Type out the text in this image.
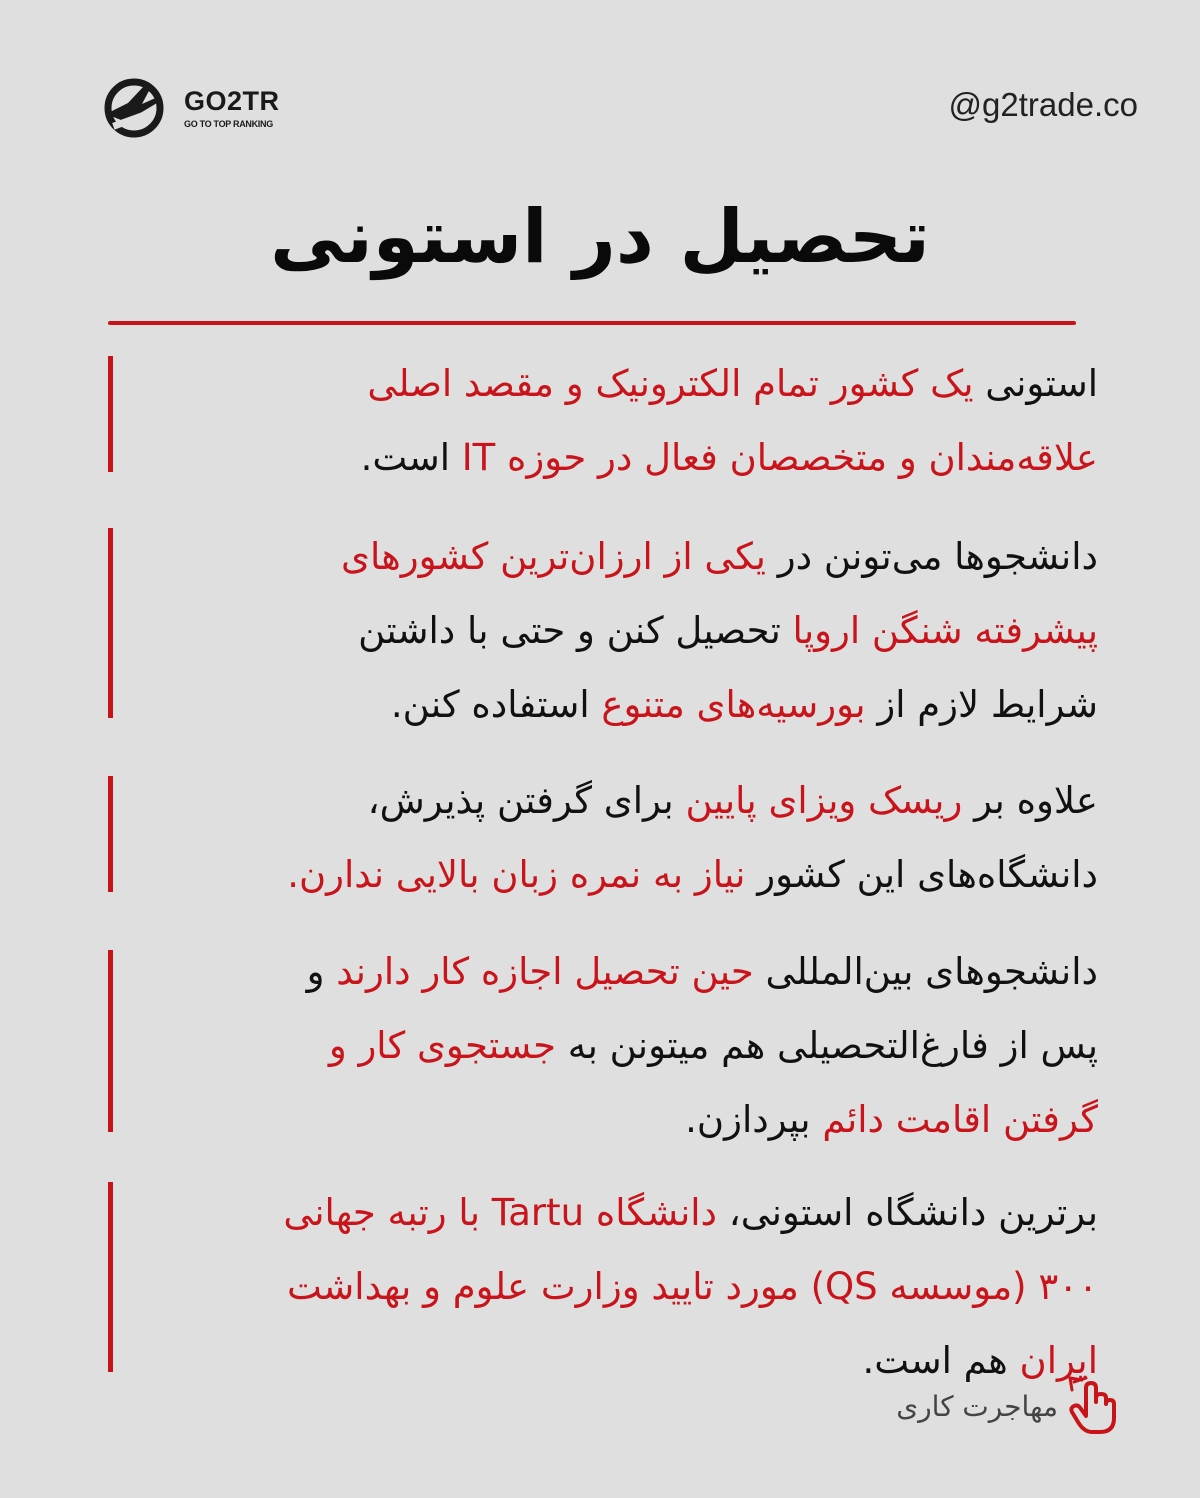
GO2TR
GO TO TOP RANKING
@g2trade.co
تحصیل در استونی
استونی یک کشور تمام الکترونیک و مقصد اصلی
علاقه‌مندان و متخصصان فعال در حوزه IT است.
دانشجوها می‌تونن در یکی از ارزان‌ترین کشورهای
پیشرفته شنگن اروپا تحصیل کنن و حتی با داشتن
شرایط لازم از بورسیه‌های متنوع استفاده کنن.
علاوه بر ریسک ویزای پایین برای گرفتن پذیرش،
دانشگاه‌های این کشور نیاز به نمره زبان بالایی ندارن.
دانشجوهای بین‌المللی حین تحصیل اجازه کار دارند و
پس از فارغ‌التحصیلی هم میتونن به جستجوی کار و
گرفتن اقامت دائم بپردازن.
برترین دانشگاه استونی، دانشگاه Tartu با رتبه جهانی
۳۰۰ (موسسه QS) مورد تایید وزارت علوم و بهداشت
ایران هم است.
مهاجرت کاری
